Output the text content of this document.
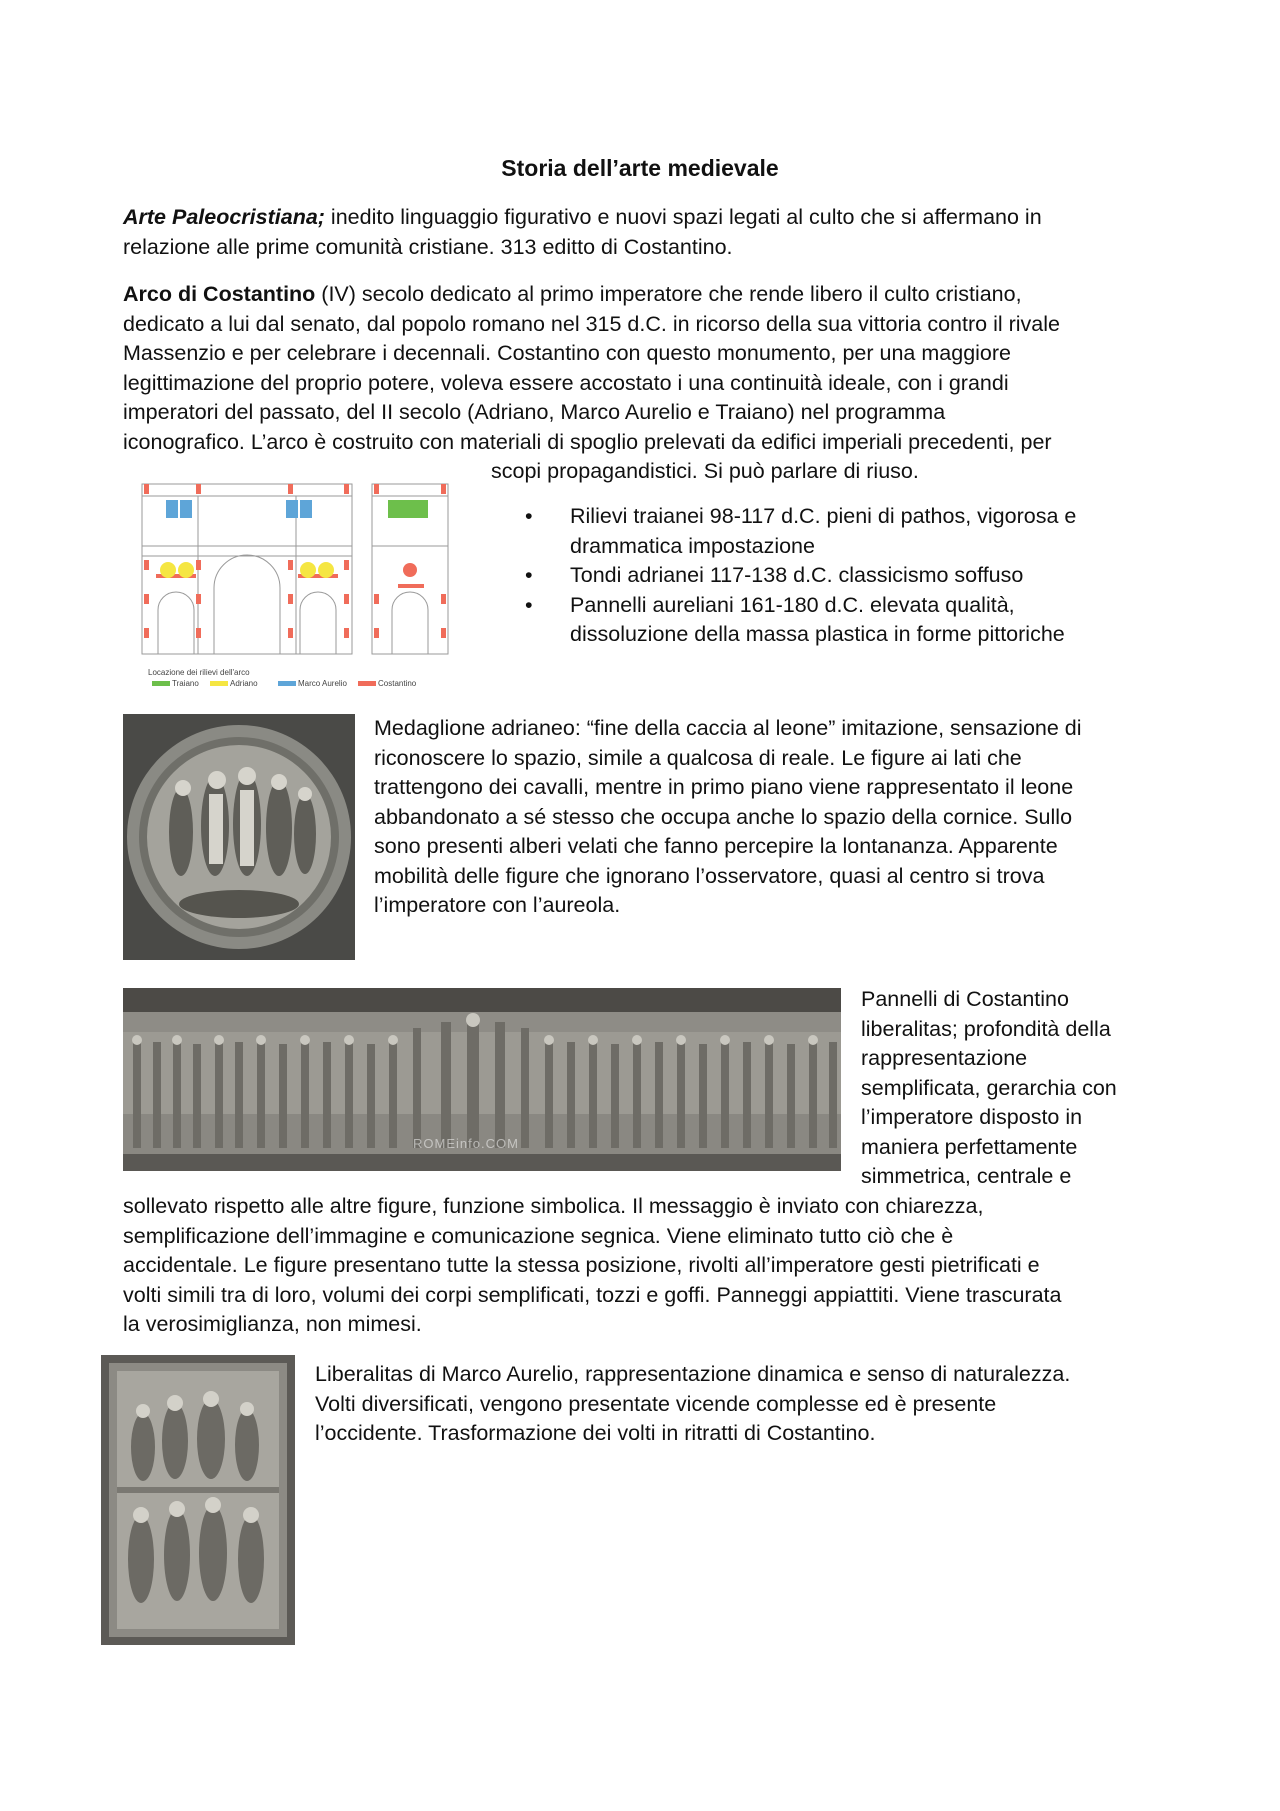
Storia dell’arte medievale
Arte Paleocristiana; inedito linguaggio figurativo e nuovi spazi legati al culto che si affermano in
relazione alle prime comunità cristiane. 313 editto di Costantino.
Arco di Costantino (IV) secolo dedicato al primo imperatore che rende libero il culto cristiano,
dedicato a lui dal senato, dal popolo romano nel 315 d.C. in ricorso della sua vittoria contro il rivale
Massenzio e per celebrare i decennali. Costantino con questo monumento, per una maggiore
legittimazione del proprio potere, voleva essere accostato i una continuità ideale, con i grandi
imperatori del passato, del II secolo (Adriano, Marco Aurelio e Traiano) nel programma
iconografico. L’arco è costruito con materiali di spoglio prelevati da edifici imperiali precedenti, per
scopi propagandistici. Si può parlare di riuso.
Locazione dei rilievi dell'arco
Traiano	Adriano	Marco Aurelio	Costantino
• Rilievi traianei 98-117 d.C. pieni di pathos, vigorosa e
drammatica impostazione
• Tondi adrianei 117-138 d.C. classicismo soffuso
• Pannelli aureliani 161-180 d.C. elevata qualità,
dissoluzione della massa plastica in forme pittoriche
Medaglione adrianeo: “fine della caccia al leone” imitazione, sensazione di
riconoscere lo spazio, simile a qualcosa di reale. Le figure ai lati che
trattengono dei cavalli, mentre in primo piano viene rappresentato il leone
abbandonato a sé stesso che occupa anche lo spazio della cornice. Sullo
sono presenti alberi velati che fanno percepire la lontananza. Apparente
mobilità delle figure che ignorano l’osservatore, quasi al centro si trova
l’imperatore con l’aureola.
ROMEinfo.COM
Pannelli di Costantino
liberalitas; profondità della
rappresentazione
semplificata, gerarchia con
l’imperatore disposto in
maniera perfettamente
simmetrica, centrale e
sollevato rispetto alle altre figure, funzione simbolica. Il messaggio è inviato con chiarezza,
semplificazione dell’immagine e comunicazione segnica. Viene eliminato tutto ciò che è
accidentale. Le figure presentano tutte la stessa posizione, rivolti all’imperatore gesti pietrificati e
volti simili tra di loro, volumi dei corpi semplificati, tozzi e goffi. Panneggi appiattiti. Viene trascurata
la verosimiglianza, non mimesi.
Liberalitas di Marco Aurelio, rappresentazione dinamica e senso di naturalezza.
Volti diversificati, vengono presentate vicende complesse ed è presente
l’occidente. Trasformazione dei volti in ritratti di Costantino.
